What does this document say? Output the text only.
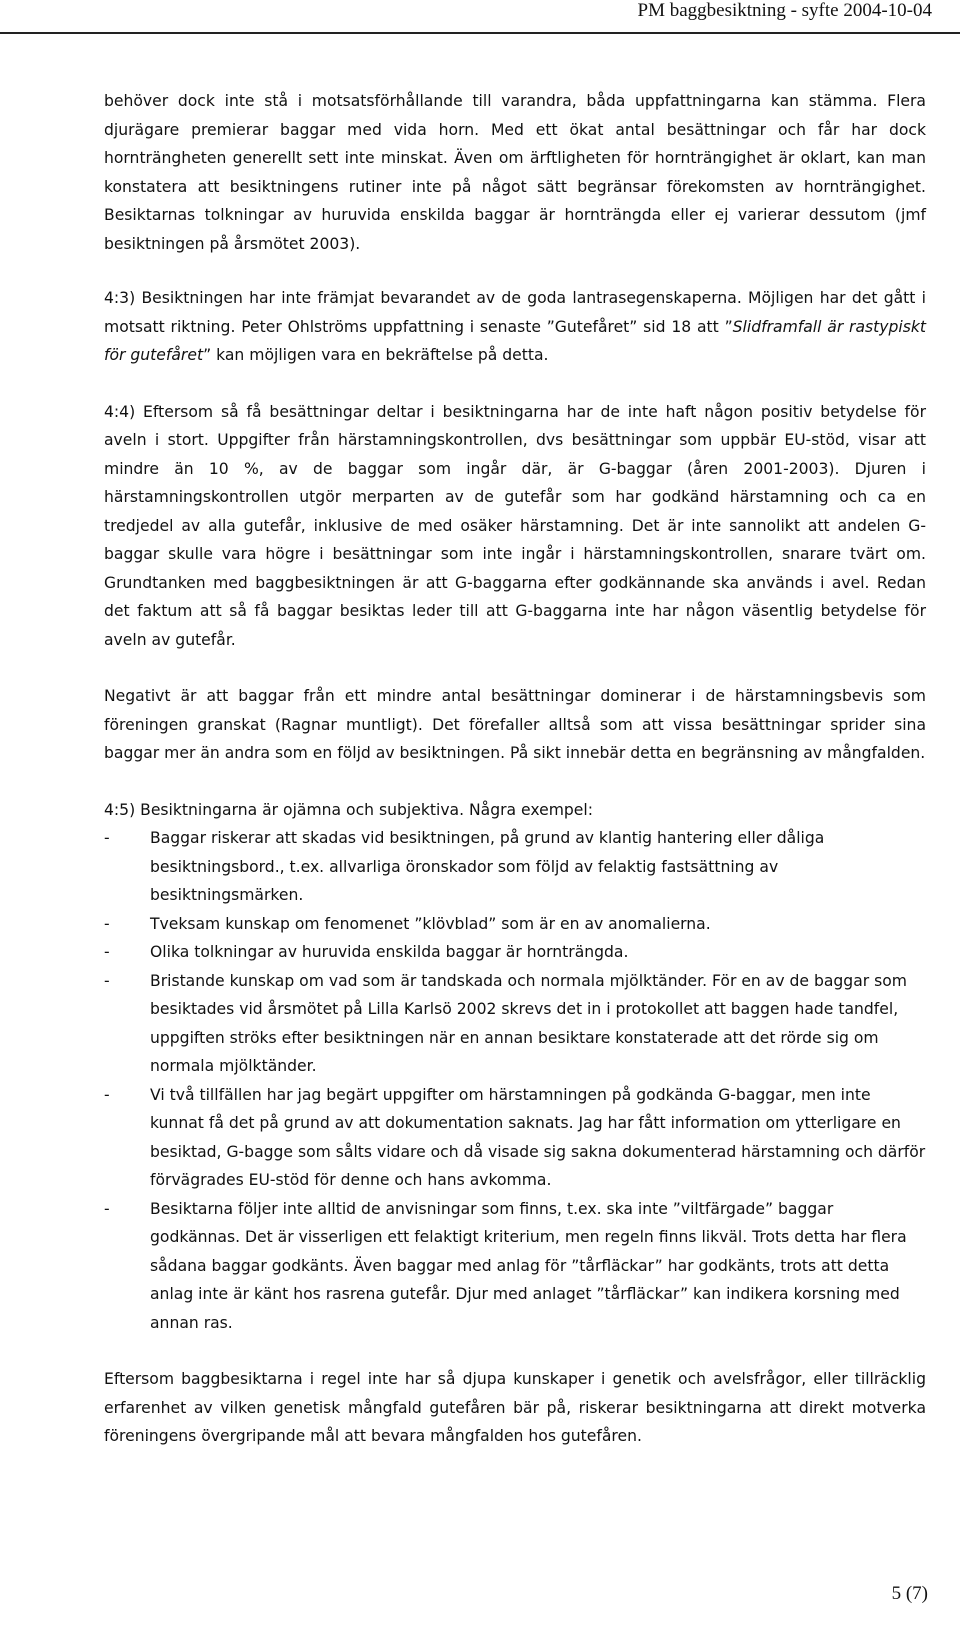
PM baggbesiktning - syfte 2004-10-04

behöver dock inte stå i motsatsförhållande till varandra, båda uppfattningarna kan stämma. Flera djurägare premierar baggar med vida horn. Med ett ökat antal besättningar och får har dock hornträngheten generellt sett inte minskat. Även om ärftligheten för hornträngighet är oklart, kan man konstatera att besiktningens rutiner inte på något sätt begränsar förekomsten av hornträngighet. Besiktarnas tolkningar av huruvida enskilda baggar är hornträngda eller ej varierar dessutom (jmf besiktningen på årsmötet 2003).

4:3) Besiktningen har inte främjat bevarandet av de goda lantrasegenskaperna. Möjligen har det gått i motsatt riktning. Peter Ohlströms uppfattning i senaste ”Gutefåret” sid 18 att ”Slidframfall är rastypiskt för gutefåret” kan möjligen vara en bekräftelse på detta.

4:4) Eftersom så få besättningar deltar i besiktningarna har de inte haft någon positiv betydelse för aveln i stort. Uppgifter från härstamningskontrollen, dvs besättningar som uppbär EU-stöd, visar att mindre än 10 %, av de baggar som ingår där, är G-baggar (åren 2001-2003). Djuren i härstamningskontrollen utgör merparten av de gutefår som har godkänd härstamning och ca en tredjedel av alla gutefår, inklusive de med osäker härstamning. Det är inte sannolikt att andelen G-baggar skulle vara högre i besättningar som inte ingår i härstamningskontrollen, snarare tvärt om. Grundtanken med baggbesiktningen är att G-baggarna efter godkännande ska används i avel. Redan det faktum att så få baggar besiktas leder till att G-baggarna inte har någon väsentlig betydelse för aveln av gutefår.

Negativt är att baggar från ett mindre antal besättningar dominerar i de härstamningsbevis som föreningen granskat (Ragnar muntligt). Det förefaller alltså som att vissa besättningar sprider sina baggar mer än andra som en följd av besiktningen. På sikt innebär detta en begränsning av mångfalden.

4:5) Besiktningarna är ojämna och subjektiva. Några exempel:

-	Baggar riskerar att skadas vid besiktningen, på grund av klantig hantering eller dåliga besiktningsbord., t.ex. allvarliga öronskador som följd av felaktig fastsättning av besiktningsmärken.
-	Tveksam kunskap om fenomenet ”klövblad” som är en av anomalierna.
-	Olika tolkningar av huruvida enskilda baggar är hornträngda.
-	Bristande kunskap om vad som är tandskada och normala mjölktänder. För en av de baggar som besiktades vid årsmötet på Lilla Karlsö 2002 skrevs det in i protokollet att baggen hade tandfel, uppgiften ströks efter besiktningen när en annan besiktare konstaterade att det rörde sig om normala mjölktänder.
-	Vi två tillfällen har jag begärt uppgifter om härstamningen på godkända G-baggar, men inte kunnat få det på grund av att dokumentation saknats. Jag har fått information om ytterligare en besiktad, G-bagge som sålts vidare och då visade sig sakna dokumenterad härstamning och därför förvägrades EU-stöd för denne och hans avkomma.
-	Besiktarna följer inte alltid de anvisningar som finns, t.ex. ska inte ”viltfärgade” baggar godkännas. Det är visserligen ett felaktigt kriterium, men regeln finns likväl. Trots detta har flera sådana baggar godkänts. Även baggar med anlag för ”tårfläckar” har godkänts, trots att detta anlag inte är känt hos rasrena gutefår. Djur med anlaget ”tårfläckar” kan indikera korsning med annan ras.

Eftersom baggbesiktarna i regel inte har så djupa kunskaper i genetik och avelsfrågor, eller tillräcklig erfarenhet av vilken genetisk mångfald gutefåren bär på, riskerar besiktningarna att direkt motverka föreningens övergripande mål att bevara mångfalden hos gutefåren.

5 (7)
